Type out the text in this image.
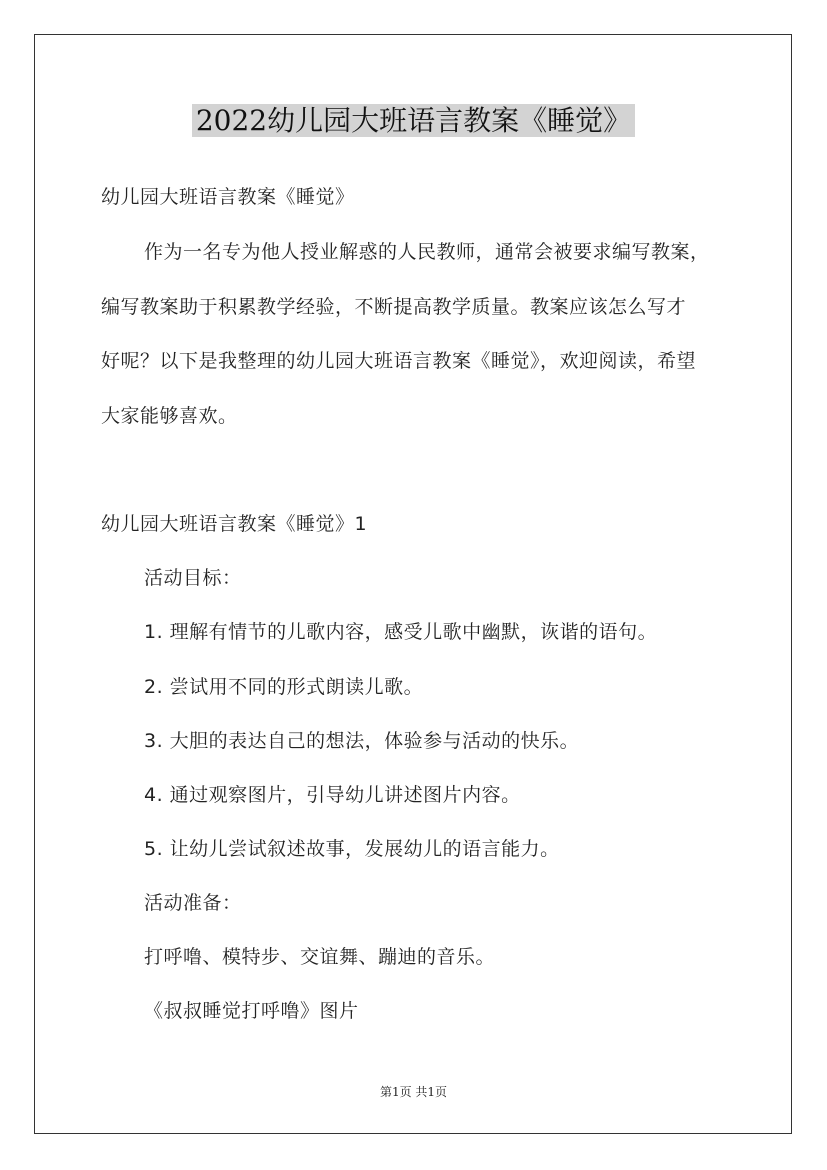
2022幼儿园大班语言教案《睡觉》
幼儿园大班语言教案《睡觉》
作为一名专为他人授业解惑的人民教师，通常会被要求编写教案，
编写教案助于积累教学经验，不断提高教学质量。教案应该怎么写才
好呢？以下是我整理的幼儿园大班语言教案《睡觉》，欢迎阅读，希望
大家能够喜欢。
幼儿园大班语言教案《睡觉》1
活动目标：
1. 理解有情节的儿歌内容，感受儿歌中幽默，诙谐的语句。
2. 尝试用不同的形式朗读儿歌。
3. 大胆的表达自己的想法，体验参与活动的快乐。
4. 通过观察图片，引导幼儿讲述图片内容。
5. 让幼儿尝试叙述故事，发展幼儿的语言能力。
活动准备：
打呼噜、模特步、交谊舞、蹦迪的音乐。
《叔叔睡觉打呼噜》图片
第1页 共1页
